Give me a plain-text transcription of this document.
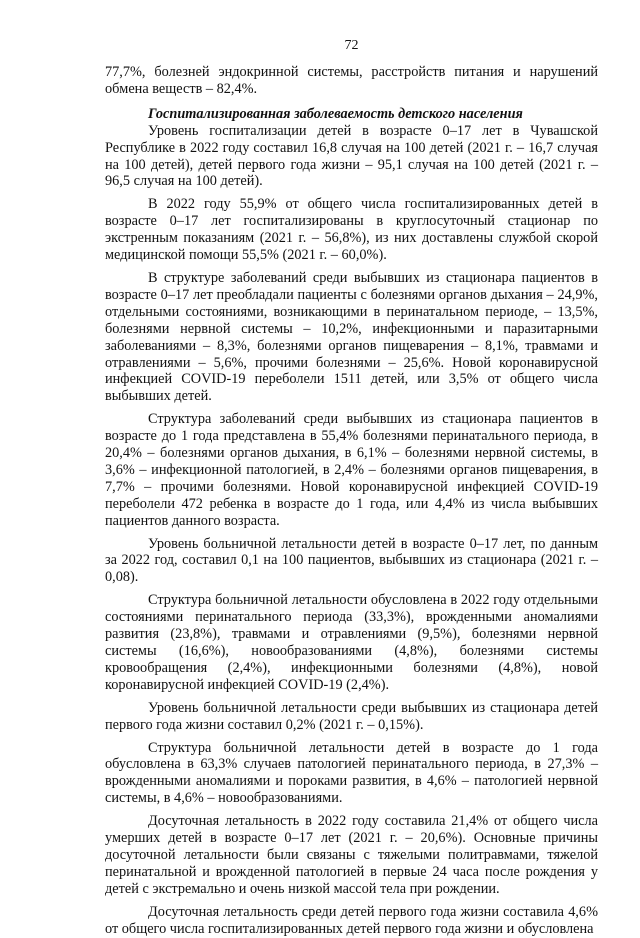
72

77,7%, болезней эндокринной системы, расстройств питания и нарушений обмена веществ – 82,4%.

Госпитализированная заболеваемость детского населения

Уровень госпитализации детей в возрасте 0–17 лет в Чувашской Республике в 2022 году составил 16,8 случая на 100 детей (2021 г. – 16,7 случая на 100 детей), детей первого года жизни – 95,1 случая на 100 детей (2021 г. – 96,5 случая на 100 детей).

В 2022 году 55,9% от общего числа госпитализированных детей в возрасте 0–17 лет госпитализированы в круглосуточный стационар по экстренным показаниям (2021 г. – 56,8%), из них доставлены службой скорой медицинской помощи 55,5% (2021 г. – 60,0%).

В структуре заболеваний среди выбывших из стационара пациентов в возрасте 0–17 лет преобладали пациенты с болезнями органов дыхания – 24,9%, отдельными состояниями, возникающими в перинатальном периоде, – 13,5%, болезнями нервной системы – 10,2%, инфекционными и паразитарными заболеваниями – 8,3%, болезнями органов пищеварения – 8,1%, травмами и отравлениями – 5,6%, прочими болезнями – 25,6%. Новой коронавирусной инфекцией COVID-19 переболели 1511 детей, или 3,5% от общего числа выбывших детей.

Структура заболеваний среди выбывших из стационара пациентов в возрасте до 1 года представлена в 55,4% болезнями перинатального периода, в 20,4% – болезнями органов дыхания, в 6,1% – болезнями нервной системы, в 3,6% – инфекционной патологией, в 2,4% – болезнями органов пищеварения, в 7,7% – прочими болезнями. Новой коронавирусной инфекцией COVID-19 переболели 472 ребенка в возрасте до 1 года, или 4,4% из числа выбывших пациентов данного возраста.

Уровень больничной летальности детей в возрасте 0–17 лет, по данным за 2022 год, составил 0,1 на 100 пациентов, выбывших из стационара (2021 г. – 0,08).

Структура больничной летальности обусловлена в 2022 году отдельными состояниями перинатального периода (33,3%), врожденными аномалиями развития (23,8%), травмами и отравлениями (9,5%), болезнями нервной системы (16,6%), новообразованиями (4,8%), болезнями системы кровообращения (2,4%), инфекционными болезнями (4,8%), новой коронавирусной инфекцией COVID-19 (2,4%).

Уровень больничной летальности среди выбывших из стационара детей первого года жизни составил 0,2% (2021 г. – 0,15%).

Структура больничной летальности детей в возрасте до 1 года обусловлена в 63,3% случаев патологией перинатального периода, в 27,3% – врожденными аномалиями и пороками развития, в 4,6% – патологией нервной системы, в 4,6% – новообразованиями.

Досуточная летальность в 2022 году составила 21,4% от общего числа умерших детей в возрасте 0–17 лет (2021 г. – 20,6%). Основные причины досуточной летальности были связаны с тяжелыми политравмами, тяжелой перинатальной и врожденной патологией в первые 24 часа после рождения у детей с экстремально и очень низкой массой тела при рождении.

Досуточная летальность среди детей первого года жизни составила 4,6% от общего числа госпитализированных детей первого года жизни и обусловлена
